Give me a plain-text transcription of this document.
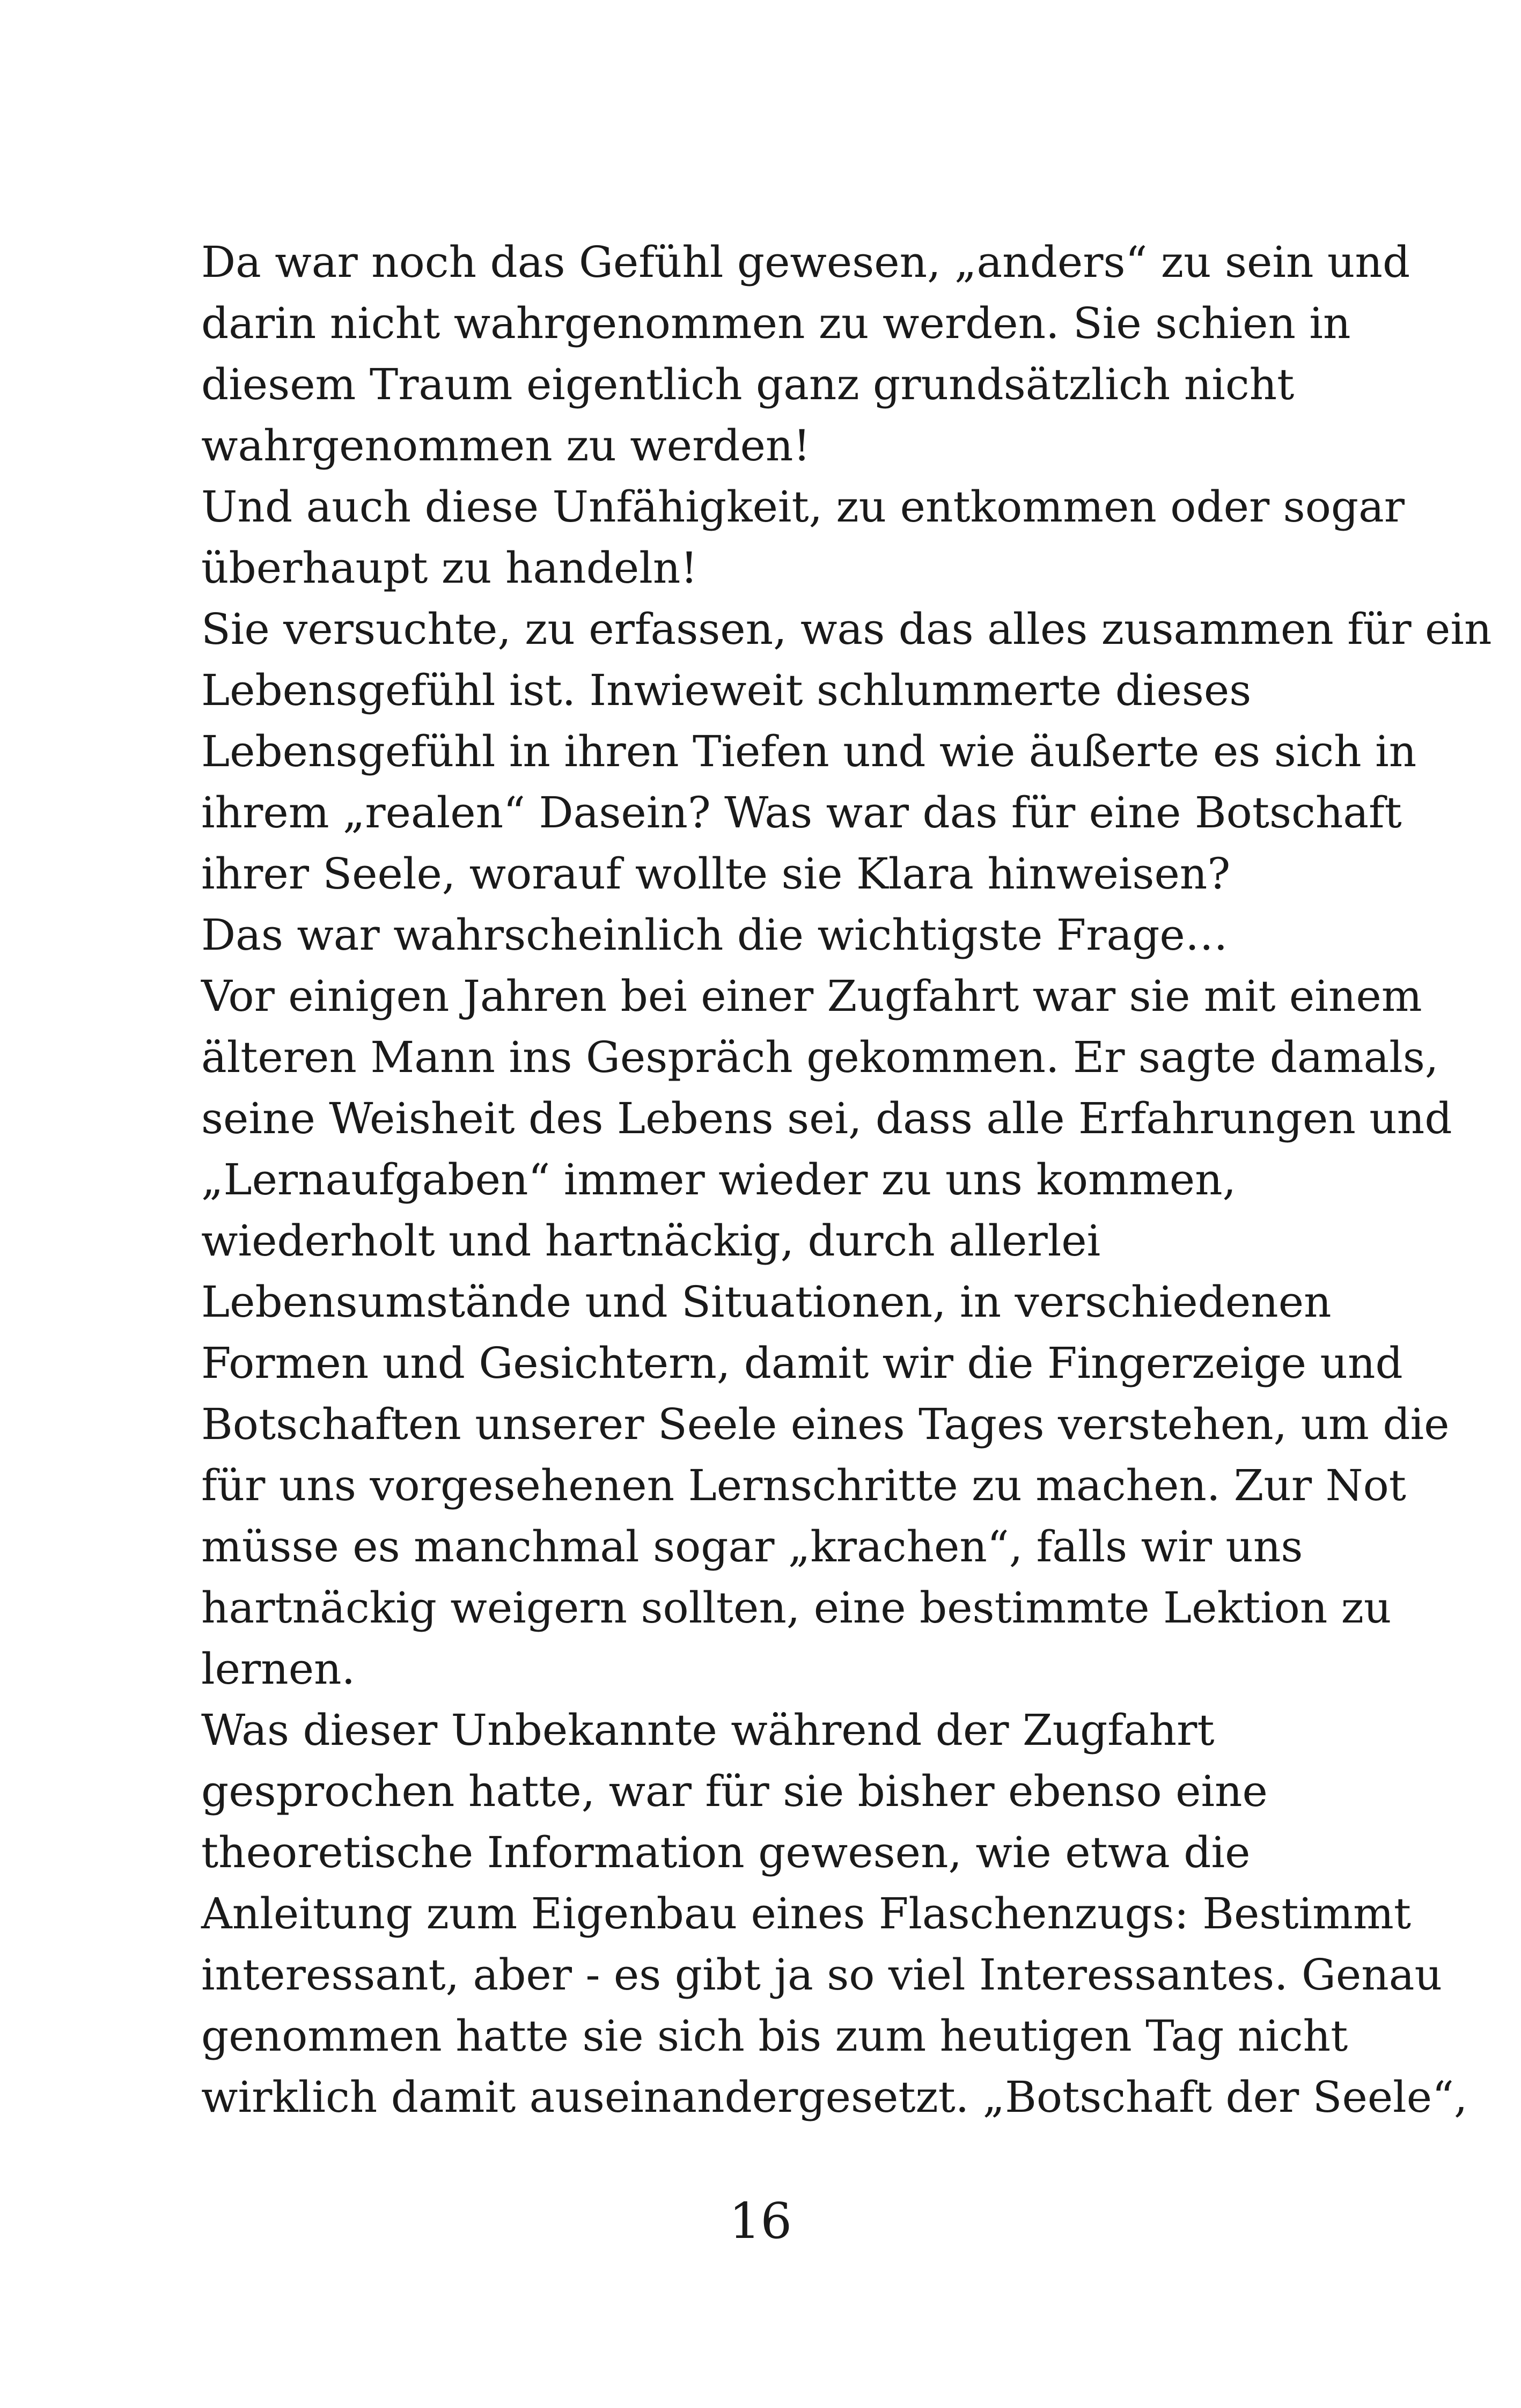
Da war noch das Gefühl gewesen, „anders“ zu sein und
darin nicht wahrgenommen zu werden. Sie schien in
diesem Traum eigentlich ganz grundsätzlich nicht
wahrgenommen zu werden!
Und auch diese Unfähigkeit, zu entkommen oder sogar
überhaupt zu handeln!
Sie versuchte, zu erfassen, was das alles zusammen für ein
Lebensgefühl ist. Inwieweit schlummerte dieses
Lebensgefühl in ihren Tiefen und wie äußerte es sich in
ihrem „realen“ Dasein? Was war das für eine Botschaft
ihrer Seele, worauf wollte sie Klara hinweisen?
Das war wahrscheinlich die wichtigste Frage…
Vor einigen Jahren bei einer Zugfahrt war sie mit einem
älteren Mann ins Gespräch gekommen. Er sagte damals,
seine Weisheit des Lebens sei, dass alle Erfahrungen und
„Lernaufgaben“ immer wieder zu uns kommen,
wiederholt und hartnäckig, durch allerlei
Lebensumstände und Situationen, in verschiedenen
Formen und Gesichtern, damit wir die Fingerzeige und
Botschaften unserer Seele eines Tages verstehen, um die
für uns vorgesehenen Lernschritte zu machen. Zur Not
müsse es manchmal sogar „krachen“, falls wir uns
hartnäckig weigern sollten, eine bestimmte Lektion zu
lernen.
Was dieser Unbekannte während der Zugfahrt
gesprochen hatte, war für sie bisher ebenso eine
theoretische Information gewesen, wie etwa die
Anleitung zum Eigenbau eines Flaschenzugs: Bestimmt
interessant, aber - es gibt ja so viel Interessantes. Genau
genommen hatte sie sich bis zum heutigen Tag nicht
wirklich damit auseinandergesetzt. „Botschaft der Seele“,
16
